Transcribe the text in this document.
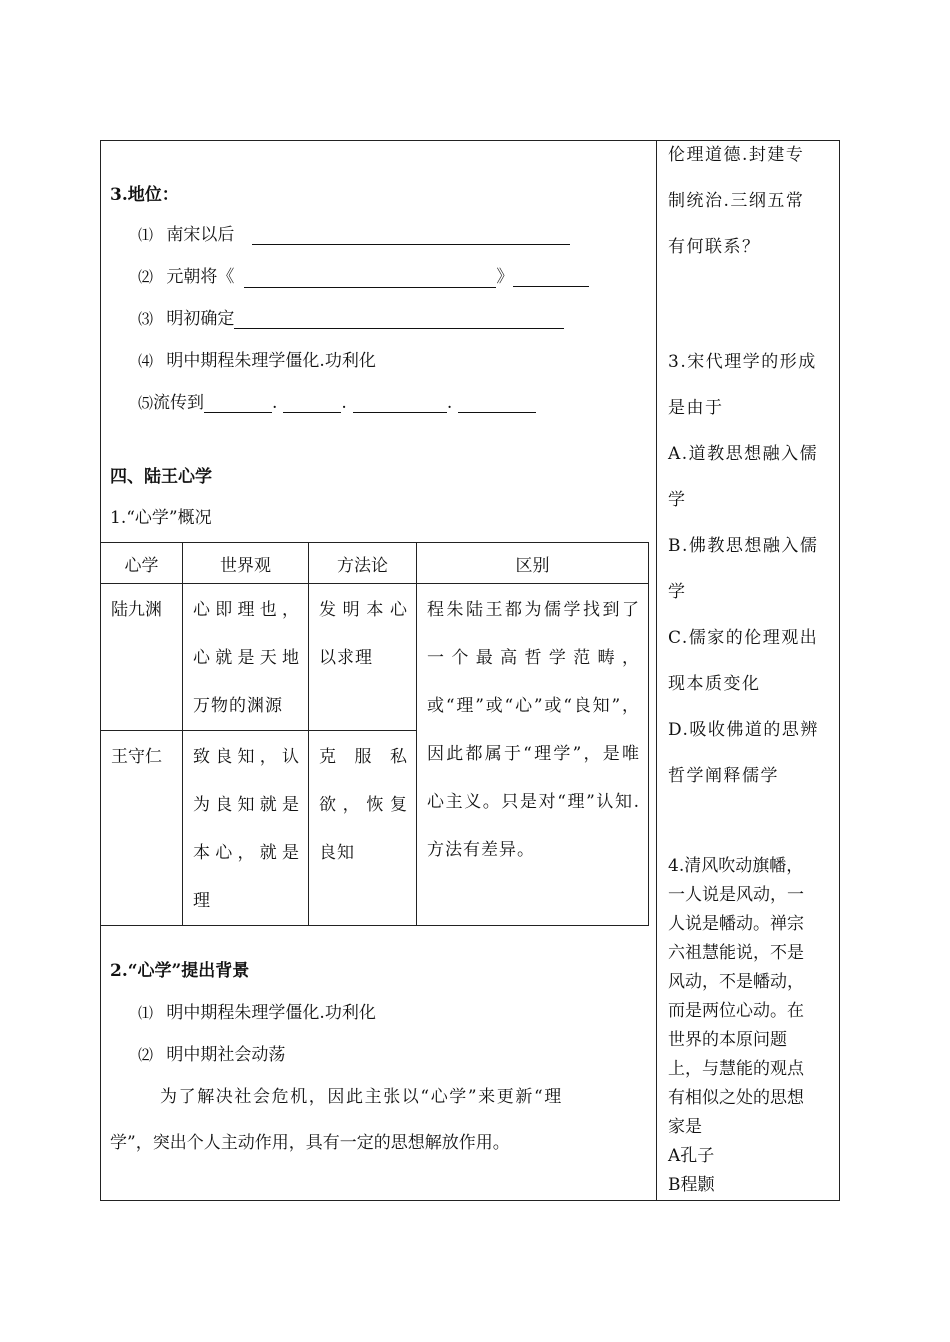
3.地位：
⑴ 南宋以后
⑵ 元朝将《	》
⑶ 明初确定
⑷ 明中期程朱理学僵化.功利化
⑸流传到	.	.	.
四、陆王心学
1.“心学”概况
心学	世界观	方法论	区别

陆九渊	心即理也，心就是天地万物的渊源	发明本心以求理	程朱陆王都为儒学找到了一个最高哲学范畴，或“理”或“心”或“良知”，因此都属于“理学”，是唯心主义。只是对“理”认知.方法有差异。

王守仁	致良知，认为良知就是本心，就是理	克服私欲，恢复良知	
2.“心学”提出背景
⑴ 明中期程朱理学僵化.功利化
⑵ 明中期社会动荡
为了解决社会危机，因此主张以“心学”来更新“理
学”，突出个人主动作用，具有一定的思想解放作用。
伦理道德.封建专
制统治.三纲五常
有何联系？
3.宋代理学的形成
是由于
A.道教思想融入儒
学
B.佛教思想融入儒
学
C.儒家的伦理观出
现本质变化
D.吸收佛道的思辨
哲学阐释儒学
4.清风吹动旗幡，
一人说是风动，一
人说是幡动。禅宗
六祖慧能说，不是
风动，不是幡动，
而是两位心动。在
世界的本原问题
上，与慧能的观点
有相似之处的思想
家是
A孔子
B程颢
